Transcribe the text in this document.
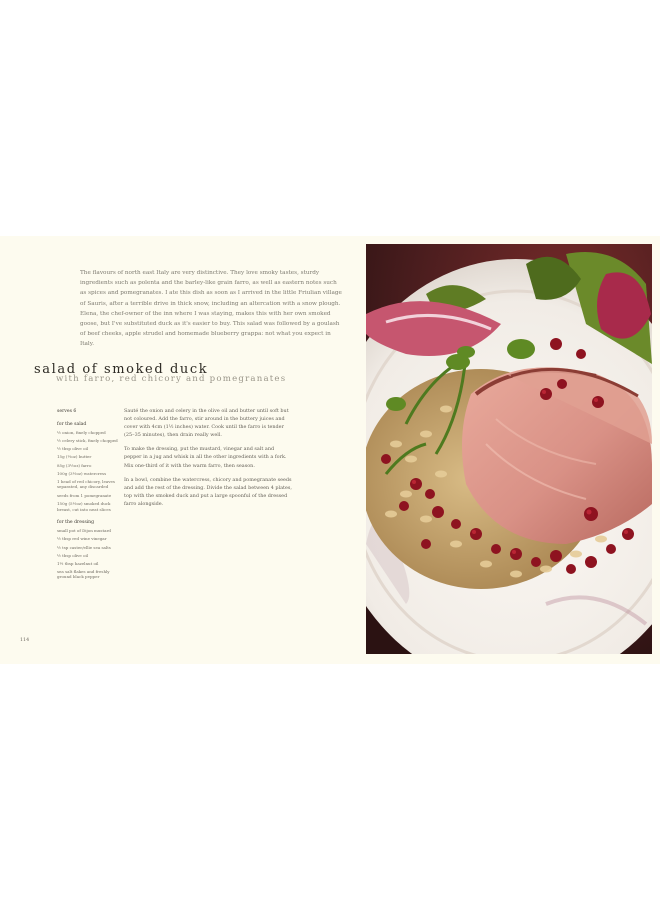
The flavours of north east Italy are very distinctive. They love smoky tastes, sturdy ingredients such as polenta and the barley-like grain farro, as well as eastern notes such as spices and pomegranates. I ate this dish as soon as I arrived in the little Friulian village of Sauris, after a terrible drive in thick snow, including an altercation with a snow plough. Elena, the chef-owner of the inn where I was staying, makes this with her own smoked goose, but I've substituted duck as it's easier to buy. This salad was followed by a goulash of beef cheeks, apple strudel and homemade blueberry grappa: not what you expect in Italy.
salad of smoked duck
with farro, red chicory and pomegranates
serves 6
for the salad
½ onion, finely chopped
½ celery stick, finely chopped
½ tbsp olive oil
15g (½oz) butter
85g (3½oz) farro
100g (3½oz) watercress
1 head of red chicory, leaves separated, any discarded
seeds from 1 pomegranate
150g (5½oz) smoked duck breast, cut into neat slices
for the dressing
small pot of Dijon mustard
½ tbsp red wine vinegar
½ tsp caster/ellie sea salts
½ tbsp olive oil
1½ tbsp hazelnut oil
sea salt flakes and freshly ground black pepper

Sauté the onion and celery in the olive oil and butter until soft but not coloured. Add the farro, stir around in the buttery juices and cover with 4cm (1½ inches) water. Cook until the farro is tender (25–35 minutes), then drain really well.

To make the dressing, put the mustard, vinegar and salt and pepper in a jug and whisk in all the other ingredients with a fork. Mix one-third of it with the warm farro, then season.

In a bowl, combine the watercress, chicory and pomegranate seeds and add the rest of the dressing. Divide the salad between 4 plates, top with the smoked duck and put a large spoonful of the dressed farro alongside.

114
